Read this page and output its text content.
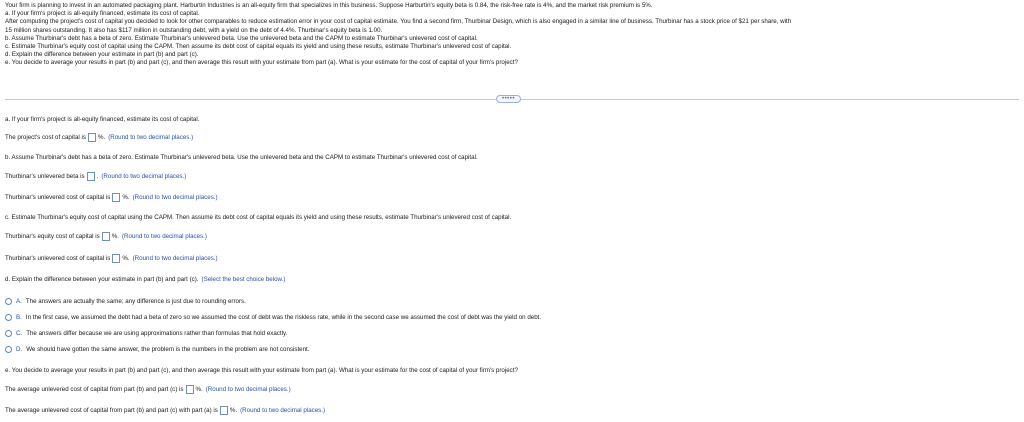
Your firm is planning to invest in an automated packaging plant. Harburtin Industries is an all-equity firm that specializes in this business. Suppose Harburtin's equity beta is 0.84, the risk-free rate is 4%, and the market risk premium is 5%.
a. If your firm's project is all-equity financed, estimate its cost of capital.
After computing the project's cost of capital you decided to look for other comparables to reduce estimation error in your cost of capital estimate. You find a second firm, Thurbinar Design, which is also engaged in a similar line of business. Thurbinar has a stock price of $21 per share, with
15 million shares outstanding. It also has $117 million in outstanding debt, with a yield on the debt of 4.4%. Thurbinar's equity beta is 1.00.
b. Assume Thurbinar's debt has a beta of zero. Estimate Thurbinar's unlevered beta. Use the unlevered beta and the CAPM to estimate Thurbinar's unlevered cost of capital.
c. Estimate Thurbinar's equity cost of capital using the CAPM. Then assume its debt cost of capital equals its yield and using these results, estimate Thurbinar's unlevered cost of capital.
d. Explain the difference between your estimate in part (b) and part (c).
e. You decide to average your results in part (b) and part (c), and then average this result with your estimate from part (a). What is your estimate for the cost of capital of your firm's project?
•••••
a. If your firm's project is all-equity financed, estimate its cost of capital.
The project's cost of capital is %. (Round to two decimal places.)
b. Assume Thurbinar's debt has a beta of zero. Estimate Thurbinar's unlevered beta. Use the unlevered beta and the CAPM to estimate Thurbinar's unlevered cost of capital.
Thurbinar's unlevered beta is . (Round to two decimal places.)
Thurbinar's unlevered cost of capital is %. (Round to two decimal places.)
c. Estimate Thurbinar's equity cost of capital using the CAPM. Then assume its debt cost of capital equals its yield and using these results, estimate Thurbinar's unlevered cost of capital.
Thurbinar's equity cost of capital is %. (Round to two decimal places.)
Thurbinar's unlevered cost of capital is %. (Round to two decimal places.)
d. Explain the difference between your estimate in part (b) and part (c). (Select the best choice below.)
A. The answers are actually the same; any difference is just due to rounding errors.
B. In the first case, we assumed the debt had a beta of zero so we assumed the cost of debt was the riskless rate, while in the second case we assumed the cost of debt was the yield on debt.
C. The answers differ because we are using approximations rather than formulas that hold exactly.
D. We should have gotten the same answer, the problem is the numbers in the problem are not consistent.
e. You decide to average your results in part (b) and part (c), and then average this result with your estimate from part (a). What is your estimate for the cost of capital of your firm's project?
The average unlevered cost of capital from part (b) and part (c) is %. (Round to two decimal places.)
The average unlevered cost of capital from part (b) and part (c) with part (a) is %. (Round to two decimal places.)
